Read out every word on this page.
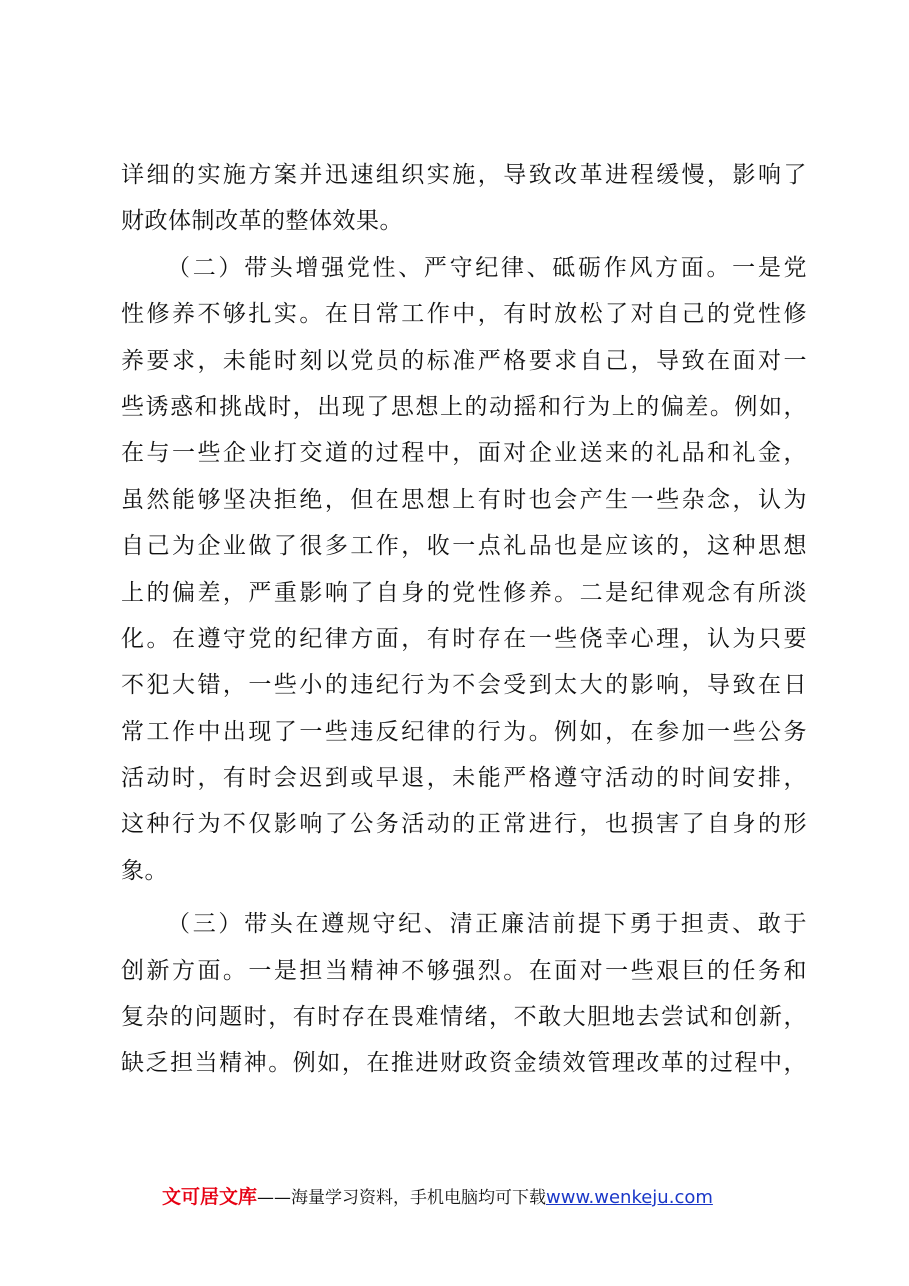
详细的实施方案并迅速组织实施，导致改革进程缓慢，影响了
财政体制改革的整体效果。
（二）带头增强党性、严守纪律、砥砺作风方面。一是党
性修养不够扎实。在日常工作中，有时放松了对自己的党性修
养要求，未能时刻以党员的标准严格要求自己，导致在面对一
些诱惑和挑战时，出现了思想上的动摇和行为上的偏差。例如，
在与一些企业打交道的过程中，面对企业送来的礼品和礼金，
虽然能够坚决拒绝，但在思想上有时也会产生一些杂念，认为
自己为企业做了很多工作，收一点礼品也是应该的，这种思想
上的偏差，严重影响了自身的党性修养。二是纪律观念有所淡
化。在遵守党的纪律方面，有时存在一些侥幸心理，认为只要
不犯大错，一些小的违纪行为不会受到太大的影响，导致在日
常工作中出现了一些违反纪律的行为。例如，在参加一些公务
活动时，有时会迟到或早退，未能严格遵守活动的时间安排，
这种行为不仅影响了公务活动的正常进行，也损害了自身的形
象。
（三）带头在遵规守纪、清正廉洁前提下勇于担责、敢于
创新方面。一是担当精神不够强烈。在面对一些艰巨的任务和
复杂的问题时，有时存在畏难情绪，不敢大胆地去尝试和创新，
缺乏担当精神。例如，在推进财政资金绩效管理改革的过程中，
文可居文库——海量学习资料，手机电脑均可下载www.wenkeju.com
